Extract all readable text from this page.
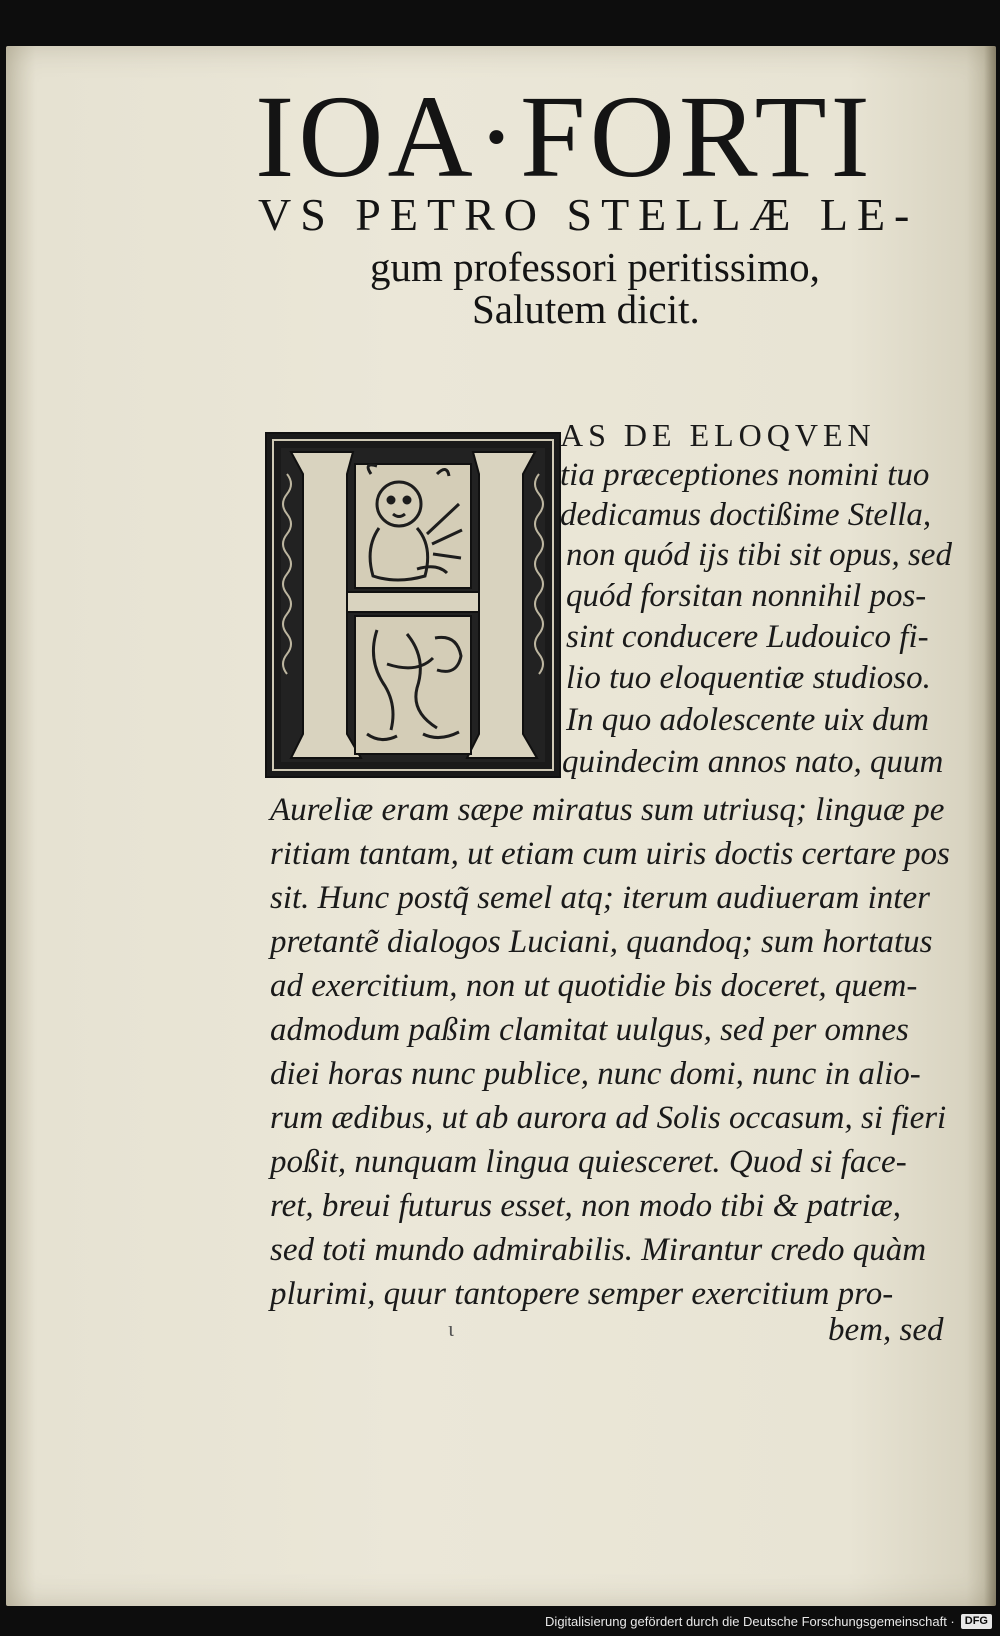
IOA·FORTI
VS PETRO STELLÆ LE-
gum professori peritissimo,
Salutem dicit.
AS DE ELOQVEN
tia præceptiones nomini tuo
dedicamus doctißime Stella,
non quód ijs tibi sit opus, sed
quód forsitan nonnihil pos-
sint conducere Ludouico fi-
lio tuo eloquentiæ studioso.
In quo adolescente uix dum
quindecim annos nato, quum
Aureliæ eram sæpe miratus sum utriusq; linguæ pe
ritiam tantam, ut etiam cum uiris doctis certare pos
sit. Hunc postq̃ semel atq; iterum audiueram inter
pretantẽ dialogos Luciani, quandoq; sum hortatus
ad exercitium, non ut quotidie bis doceret, quem-
admodum paßim clamitat uulgus, sed per omnes
diei horas nunc publice, nunc domi, nunc in alio-
rum ædibus, ut ab aurora ad Solis occasum, si fieri
poßit, nunquam lingua quiesceret. Quod si face-
ret, breui futurus esset, non modo tibi & patriæ,
sed toti mundo admirabilis. Mirantur credo quàm
plurimi, quur tantopere semper exercitium pro-
bem, sed
ι
Digitalisierung gefördert durch die Deutsche Forschungsgemeinschaft · DFG
